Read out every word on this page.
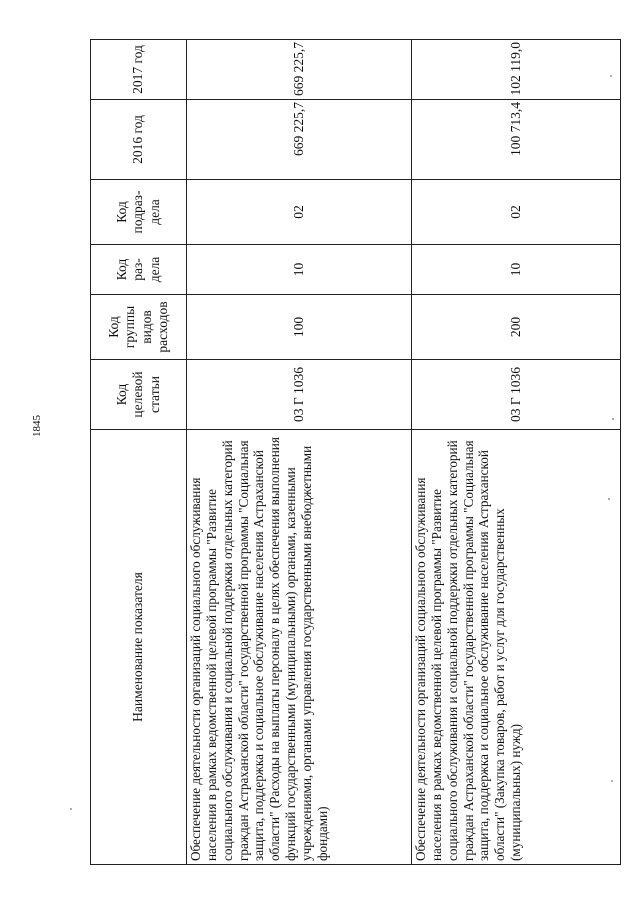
1845
Наименование показателя	Код целевой статьи	Код группы видов расходов	Код раз-дела	Код подраз-дела	2016 год	2017 год
Обеспечение деятельности организаций социального обслуживания населения в рамках ведомственной целевой программы "Развитие социального обслуживания и социальной поддержки отдельных категорий граждан Астраханской области" государственной программы "Социальная защита, поддержка и социальное обслуживание населения Астраханской области" (Расходы на выплаты персоналу в целях обеспечения выполнения функций государственными (муниципальными) органами, казенными учреждениями, органами управления государственными внебюджетными фондами)	03 Г 1036	100	10	02	669 225,7	669 225,7
Обеспечение деятельности организаций социального обслуживания населения в рамках ведомственной целевой программы "Развитие социального обслуживания и социальной поддержки отдельных категорий граждан Астраханской области" государственной программы "Социальная защита, поддержка и социальное обслуживание населения Астраханской области" (Закупка товаров, работ и услуг для государственных (муниципальных) нужд)	03 Г 1036	200	10	02	100 713,4	102 119,0
